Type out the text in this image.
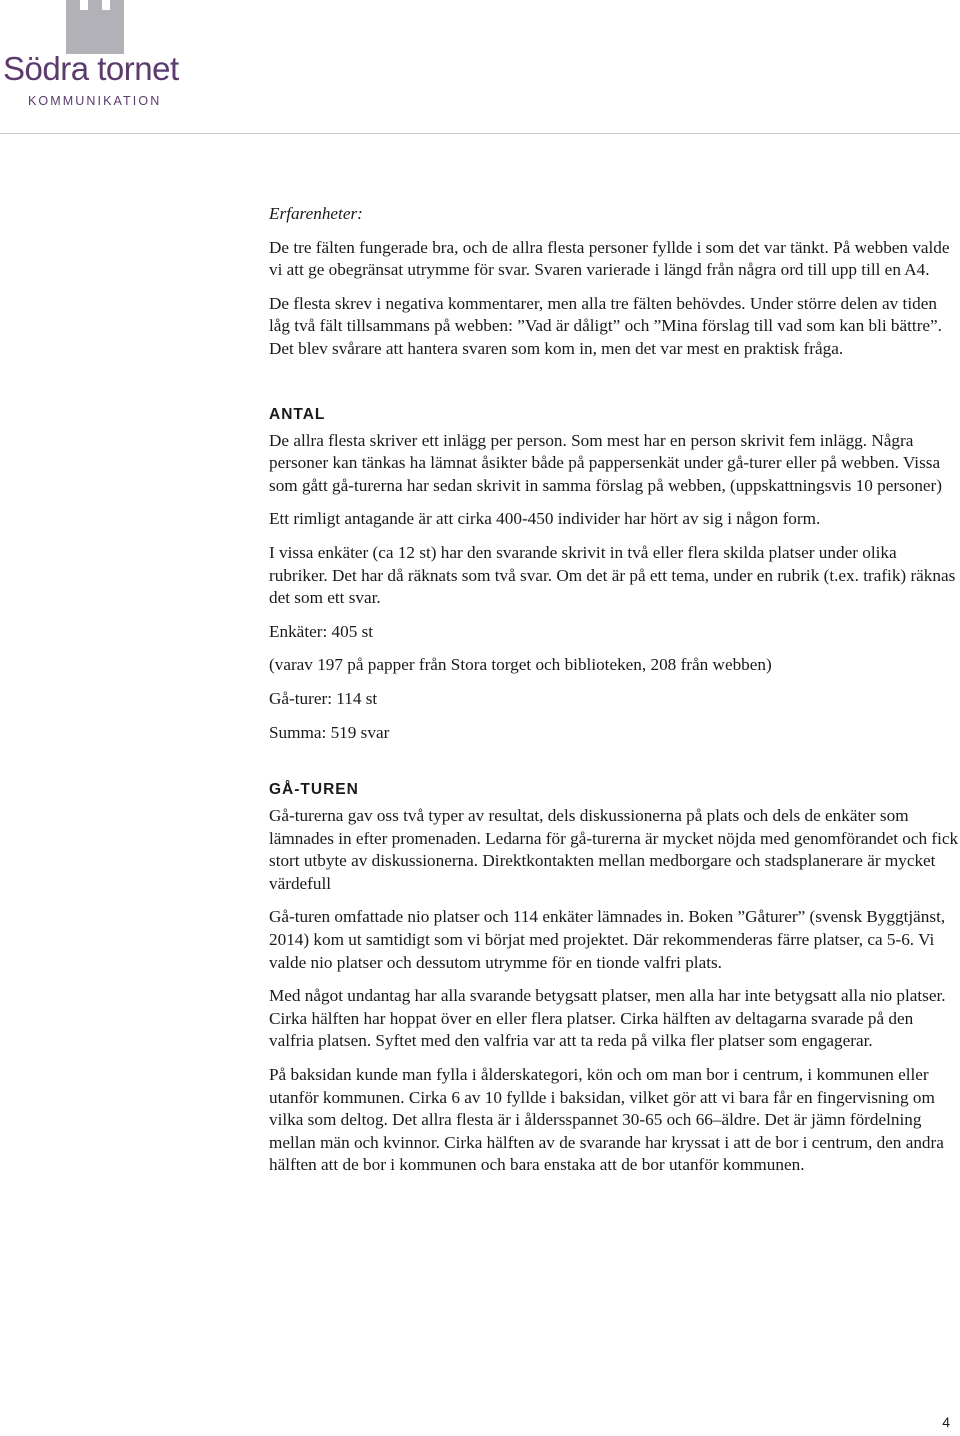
Södra tornet
KOMMUNIKATION

Erfarenheter:

De tre fälten fungerade bra, och de allra flesta personer fyllde i som det var tänkt. På webben valde vi att ge obegränsat utrymme för svar. Svaren varierade i längd från några ord till upp till en A4.

De flesta skrev i negativa kommentarer, men alla tre fälten behövdes. Under större delen av tiden låg två fält tillsammans på webben: ”Vad är dåligt” och ”Mina förslag till vad som kan bli bättre”. Det blev svårare att hantera svaren som kom in, men det var mest en praktisk fråga.

ANTAL

De allra flesta skriver ett inlägg per person. Som mest har en person skrivit fem inlägg. Några personer kan tänkas ha lämnat åsikter både på pappersenkät under gå-turer eller på webben. Vissa som gått gå-turerna har sedan skrivit in samma förslag på webben, (uppskattningsvis 10 personer)

Ett rimligt antagande är att cirka 400-450 individer har hört av sig i någon form.

I vissa enkäter (ca 12 st) har den svarande skrivit in två eller flera skilda platser under olika rubriker. Det har då räknats som två svar. Om det är på ett tema, under en rubrik (t.ex. trafik) räknas det som ett svar.

Enkäter: 405 st

(varav 197 på papper från Stora torget och biblioteken, 208 från webben)

Gå-turer: 114 st

Summa: 519 svar

GÅ-TUREN

Gå-turerna gav oss två typer av resultat, dels diskussionerna på plats och dels de enkäter som lämnades in efter promenaden. Ledarna för gå-turerna är mycket nöjda med genomförandet och fick stort utbyte av diskussionerna. Direktkontakten mellan medborgare och stadsplanerare är mycket värdefull

Gå-turen omfattade nio platser och 114 enkäter lämnades in. Boken ”Gåturer” (svensk Byggtjänst, 2014) kom ut samtidigt som vi börjat med projektet. Där rekommenderas färre platser, ca 5-6. Vi valde nio platser och dessutom utrymme för en tionde valfri plats.

Med något undantag har alla svarande betygsatt platser, men alla har inte betygsatt alla nio platser. Cirka hälften har hoppat över en eller flera platser. Cirka hälften av deltagarna svarade på den valfria platsen. Syftet med den valfria var att ta reda på vilka fler platser som engagerar.

På baksidan kunde man fylla i ålderskategori, kön och om man bor i centrum, i kommunen eller utanför kommunen. Cirka 6 av 10 fyllde i baksidan, vilket gör att vi bara får en fingervisning om vilka som deltog. Det allra flesta är i åldersspannet 30-65 och 66–äldre. Det är jämn fördelning mellan män och kvinnor. Cirka hälften av de svarande har kryssat i att de bor i centrum, den andra hälften att de bor i kommunen och bara enstaka att de bor utanför kommunen.

4
